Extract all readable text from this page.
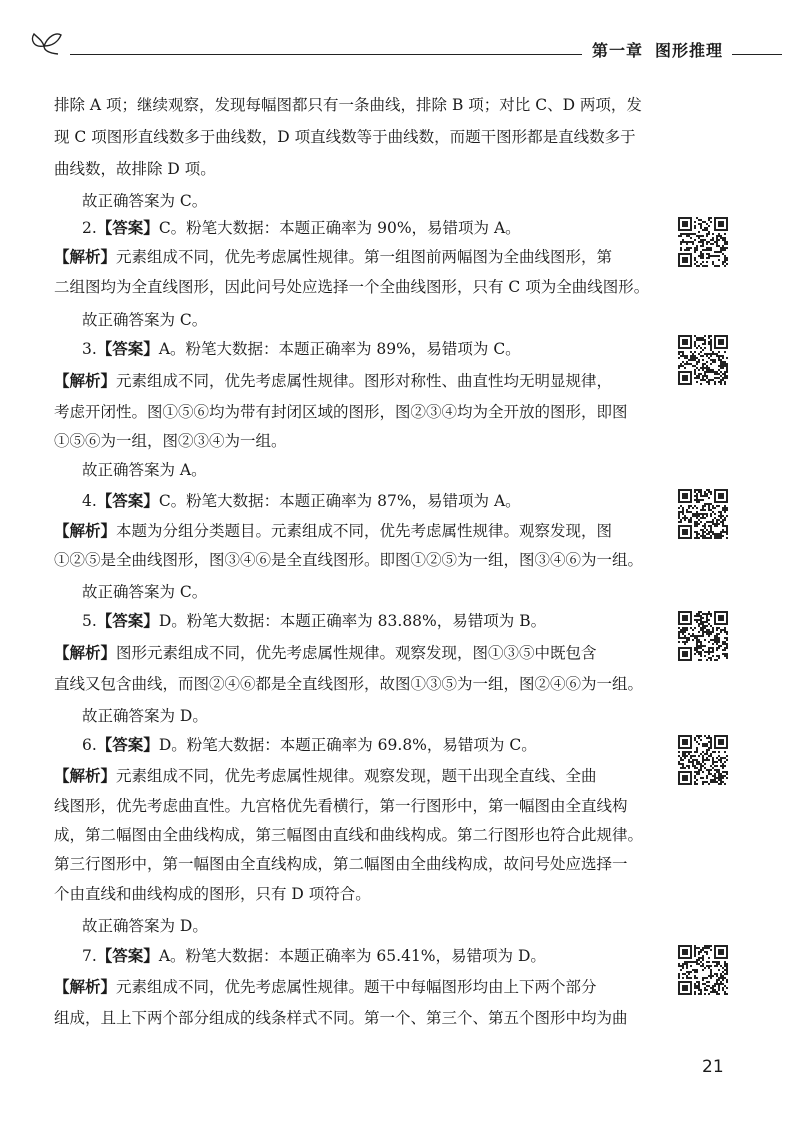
第一章 图形推理
排除 A 项；继续观察，发现每幅图都只有一条曲线，排除 B 项；对比 C、D 两项，发
现 C 项图形直线数多于曲线数，D 项直线数等于曲线数，而题干图形都是直线数多于
曲线数，故排除 D 项。
故正确答案为 C。
2.【答案】C。粉笔大数据：本题正确率为 90%，易错项为 A。
【解析】元素组成不同，优先考虑属性规律。第一组图前两幅图为全曲线图形，第
二组图均为全直线图形，因此问号处应选择一个全曲线图形，只有 C 项为全曲线图形。
故正确答案为 C。
3.【答案】A。粉笔大数据：本题正确率为 89%，易错项为 C。
【解析】元素组成不同，优先考虑属性规律。图形对称性、曲直性均无明显规律，
考虑开闭性。图①⑤⑥均为带有封闭区域的图形，图②③④均为全开放的图形，即图
①⑤⑥为一组，图②③④为一组。
故正确答案为 A。
4.【答案】C。粉笔大数据：本题正确率为 87%，易错项为 A。
【解析】本题为分组分类题目。元素组成不同，优先考虑属性规律。观察发现，图
①②⑤是全曲线图形，图③④⑥是全直线图形。即图①②⑤为一组，图③④⑥为一组。
故正确答案为 C。
5.【答案】D。粉笔大数据：本题正确率为 83.88%，易错项为 B。
【解析】图形元素组成不同，优先考虑属性规律。观察发现，图①③⑤中既包含
直线又包含曲线，而图②④⑥都是全直线图形，故图①③⑤为一组，图②④⑥为一组。
故正确答案为 D。
6.【答案】D。粉笔大数据：本题正确率为 69.8%，易错项为 C。
【解析】元素组成不同，优先考虑属性规律。观察发现，题干出现全直线、全曲
线图形，优先考虑曲直性。九宫格优先看横行，第一行图形中，第一幅图由全直线构
成，第二幅图由全曲线构成，第三幅图由直线和曲线构成。第二行图形也符合此规律。
第三行图形中，第一幅图由全直线构成，第二幅图由全曲线构成，故问号处应选择一
个由直线和曲线构成的图形，只有 D 项符合。
故正确答案为 D。
7.【答案】A。粉笔大数据：本题正确率为 65.41%，易错项为 D。
【解析】元素组成不同，优先考虑属性规律。题干中每幅图形均由上下两个部分
组成，且上下两个部分组成的线条样式不同。第一个、第三个、第五个图形中均为曲
21
